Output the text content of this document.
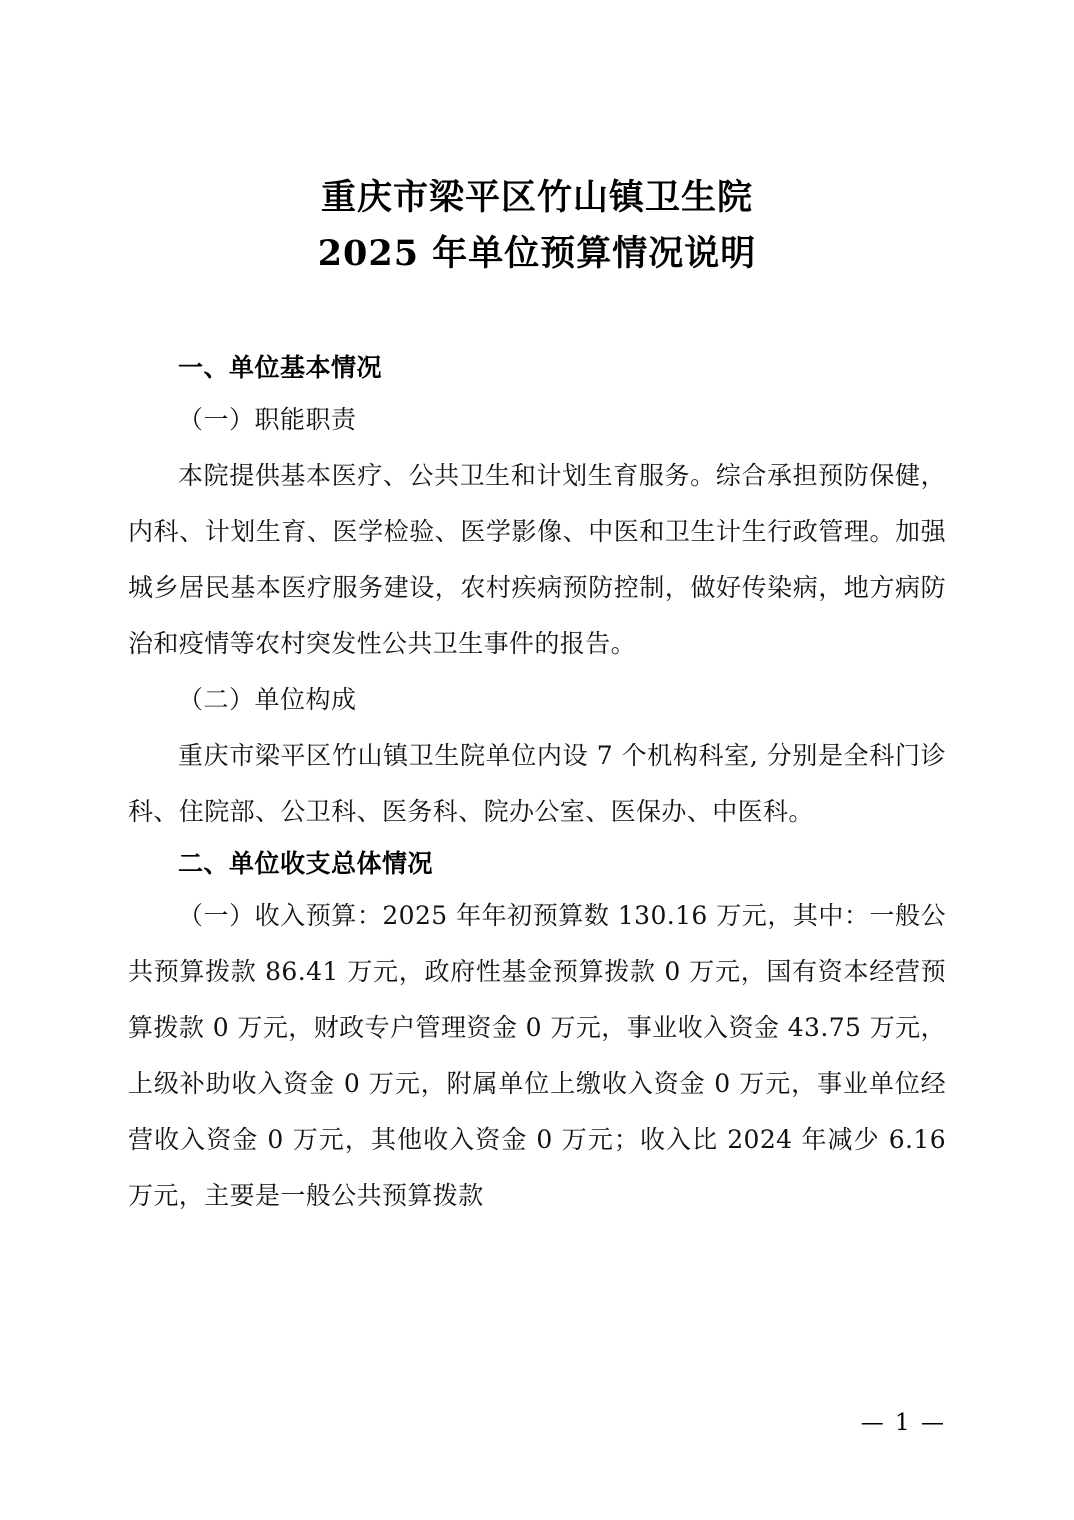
重庆市梁平区竹山镇卫生院
2025 年单位预算情况说明
一、单位基本情况
（一）职能职责

本院提供基本医疗、公共卫生和计划生育服务。综合承担预防保健，内科、计划生育、医学检验、医学影像、中医和卫生计生行政管理。加强城乡居民基本医疗服务建设，农村疾病预防控制，做好传染病，地方病防治和疫情等农村突发性公共卫生事件的报告。

（二）单位构成

重庆市梁平区竹山镇卫生院单位内设 7 个机构科室, 分别是全科门诊科、住院部、公卫科、医务科、院办公室、医保办、中医科。

二、单位收支总体情况

（一）收入预算：2025 年年初预算数 130.16 万元，其中：一般公共预算拨款 86.41 万元，政府性基金预算拨款 0 万元，国有资本经营预算拨款 0 万元，财政专户管理资金 0 万元，事业收入资金 43.75 万元，上级补助收入资金 0 万元，附属单位上缴收入资金 0 万元，事业单位经营收入资金 0 万元，其他收入资金 0 万元；收入比 2024 年减少 6.16 万元，主要是一般公共预算拨款

— 1 —
